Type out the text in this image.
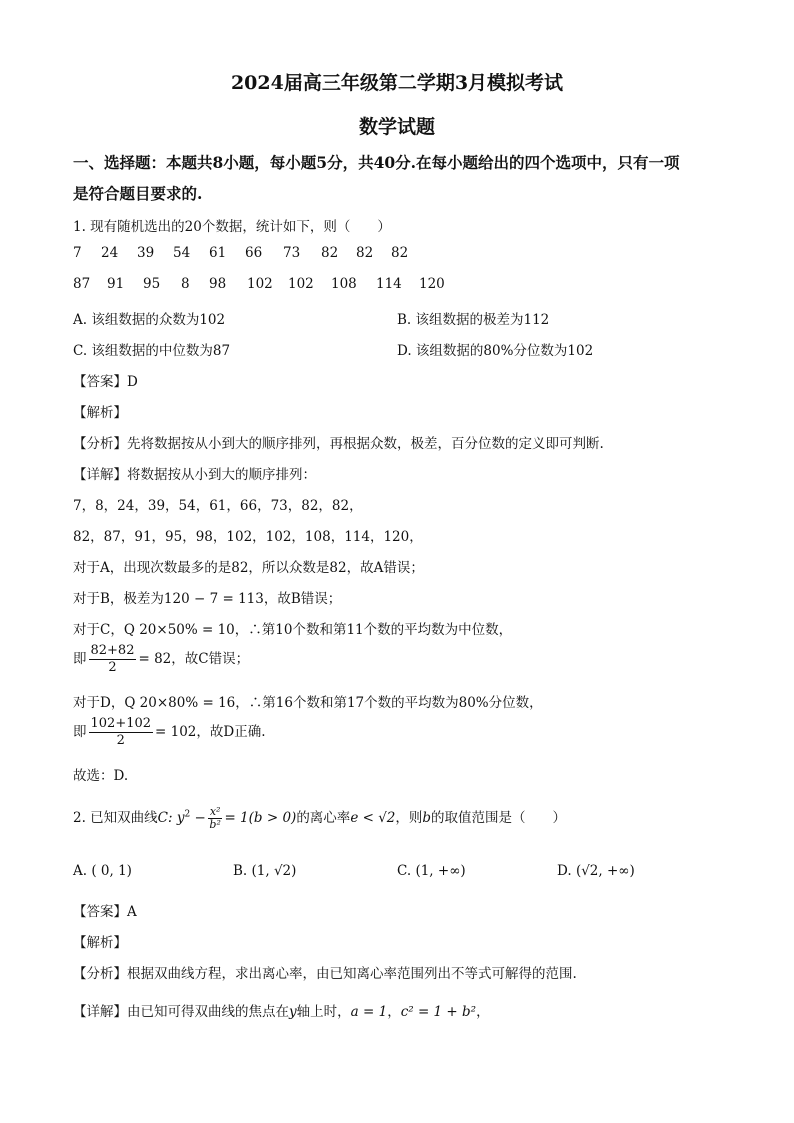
2024届高三年级第二学期3月模拟考试
数学试题
一、选择题：本题共8小题，每小题5分，共40分.在每小题给出的四个选项中，只有一项
是符合题目要求的.
1. 现有随机选出的20个数据，统计如下，则（　　）
7 24 39 54 61 66 73 82 82 82
87 91 95 8 98 102 102 108 114 120
A. 该组数据的众数为102	B. 该组数据的极差为112
C. 该组数据的中位数为87	D. 该组数据的80%分位数为102
【答案】D
【解析】
【分析】先将数据按从小到大的顺序排列，再根据众数，极差，百分位数的定义即可判断.
【详解】将数据按从小到大的顺序排列：
7，8，24，39，54，61，66，73，82，82，
82，87，91，95，98，102，102，108，114，120，
对于A，出现次数最多的是82，所以众数是82，故A错误；
对于B，极差为120 − 7 = 113，故B错误；
对于C，Q 20×50% = 10，∴第10个数和第11个数的平均数为中位数，
即 $\frac{82+82}{2} = 82$，故C错误；
对于D，Q 20×80% = 16，∴第16个数和第17个数的平均数为80%分位数，
即 $\frac{102+102}{2} = 102$，故D正确.
故选：D.
2. 已知双曲线C: $y^2 - \frac{\text{x²}}{\text{b²}} = 1(b > 0)$的离心率e < √2，则b的取值范围是（　　）
A. ( 0, 1)	B. (1, √2)	C. (1, +∞)	D. (√2, +∞)
【答案】A
【解析】
【分析】根据双曲线方程，求出离心率，由已知离心率范围列出不等式可解得的范围.
【详解】由已知可得双曲线的焦点在y轴上时，a = 1，c² = 1 + b²，
